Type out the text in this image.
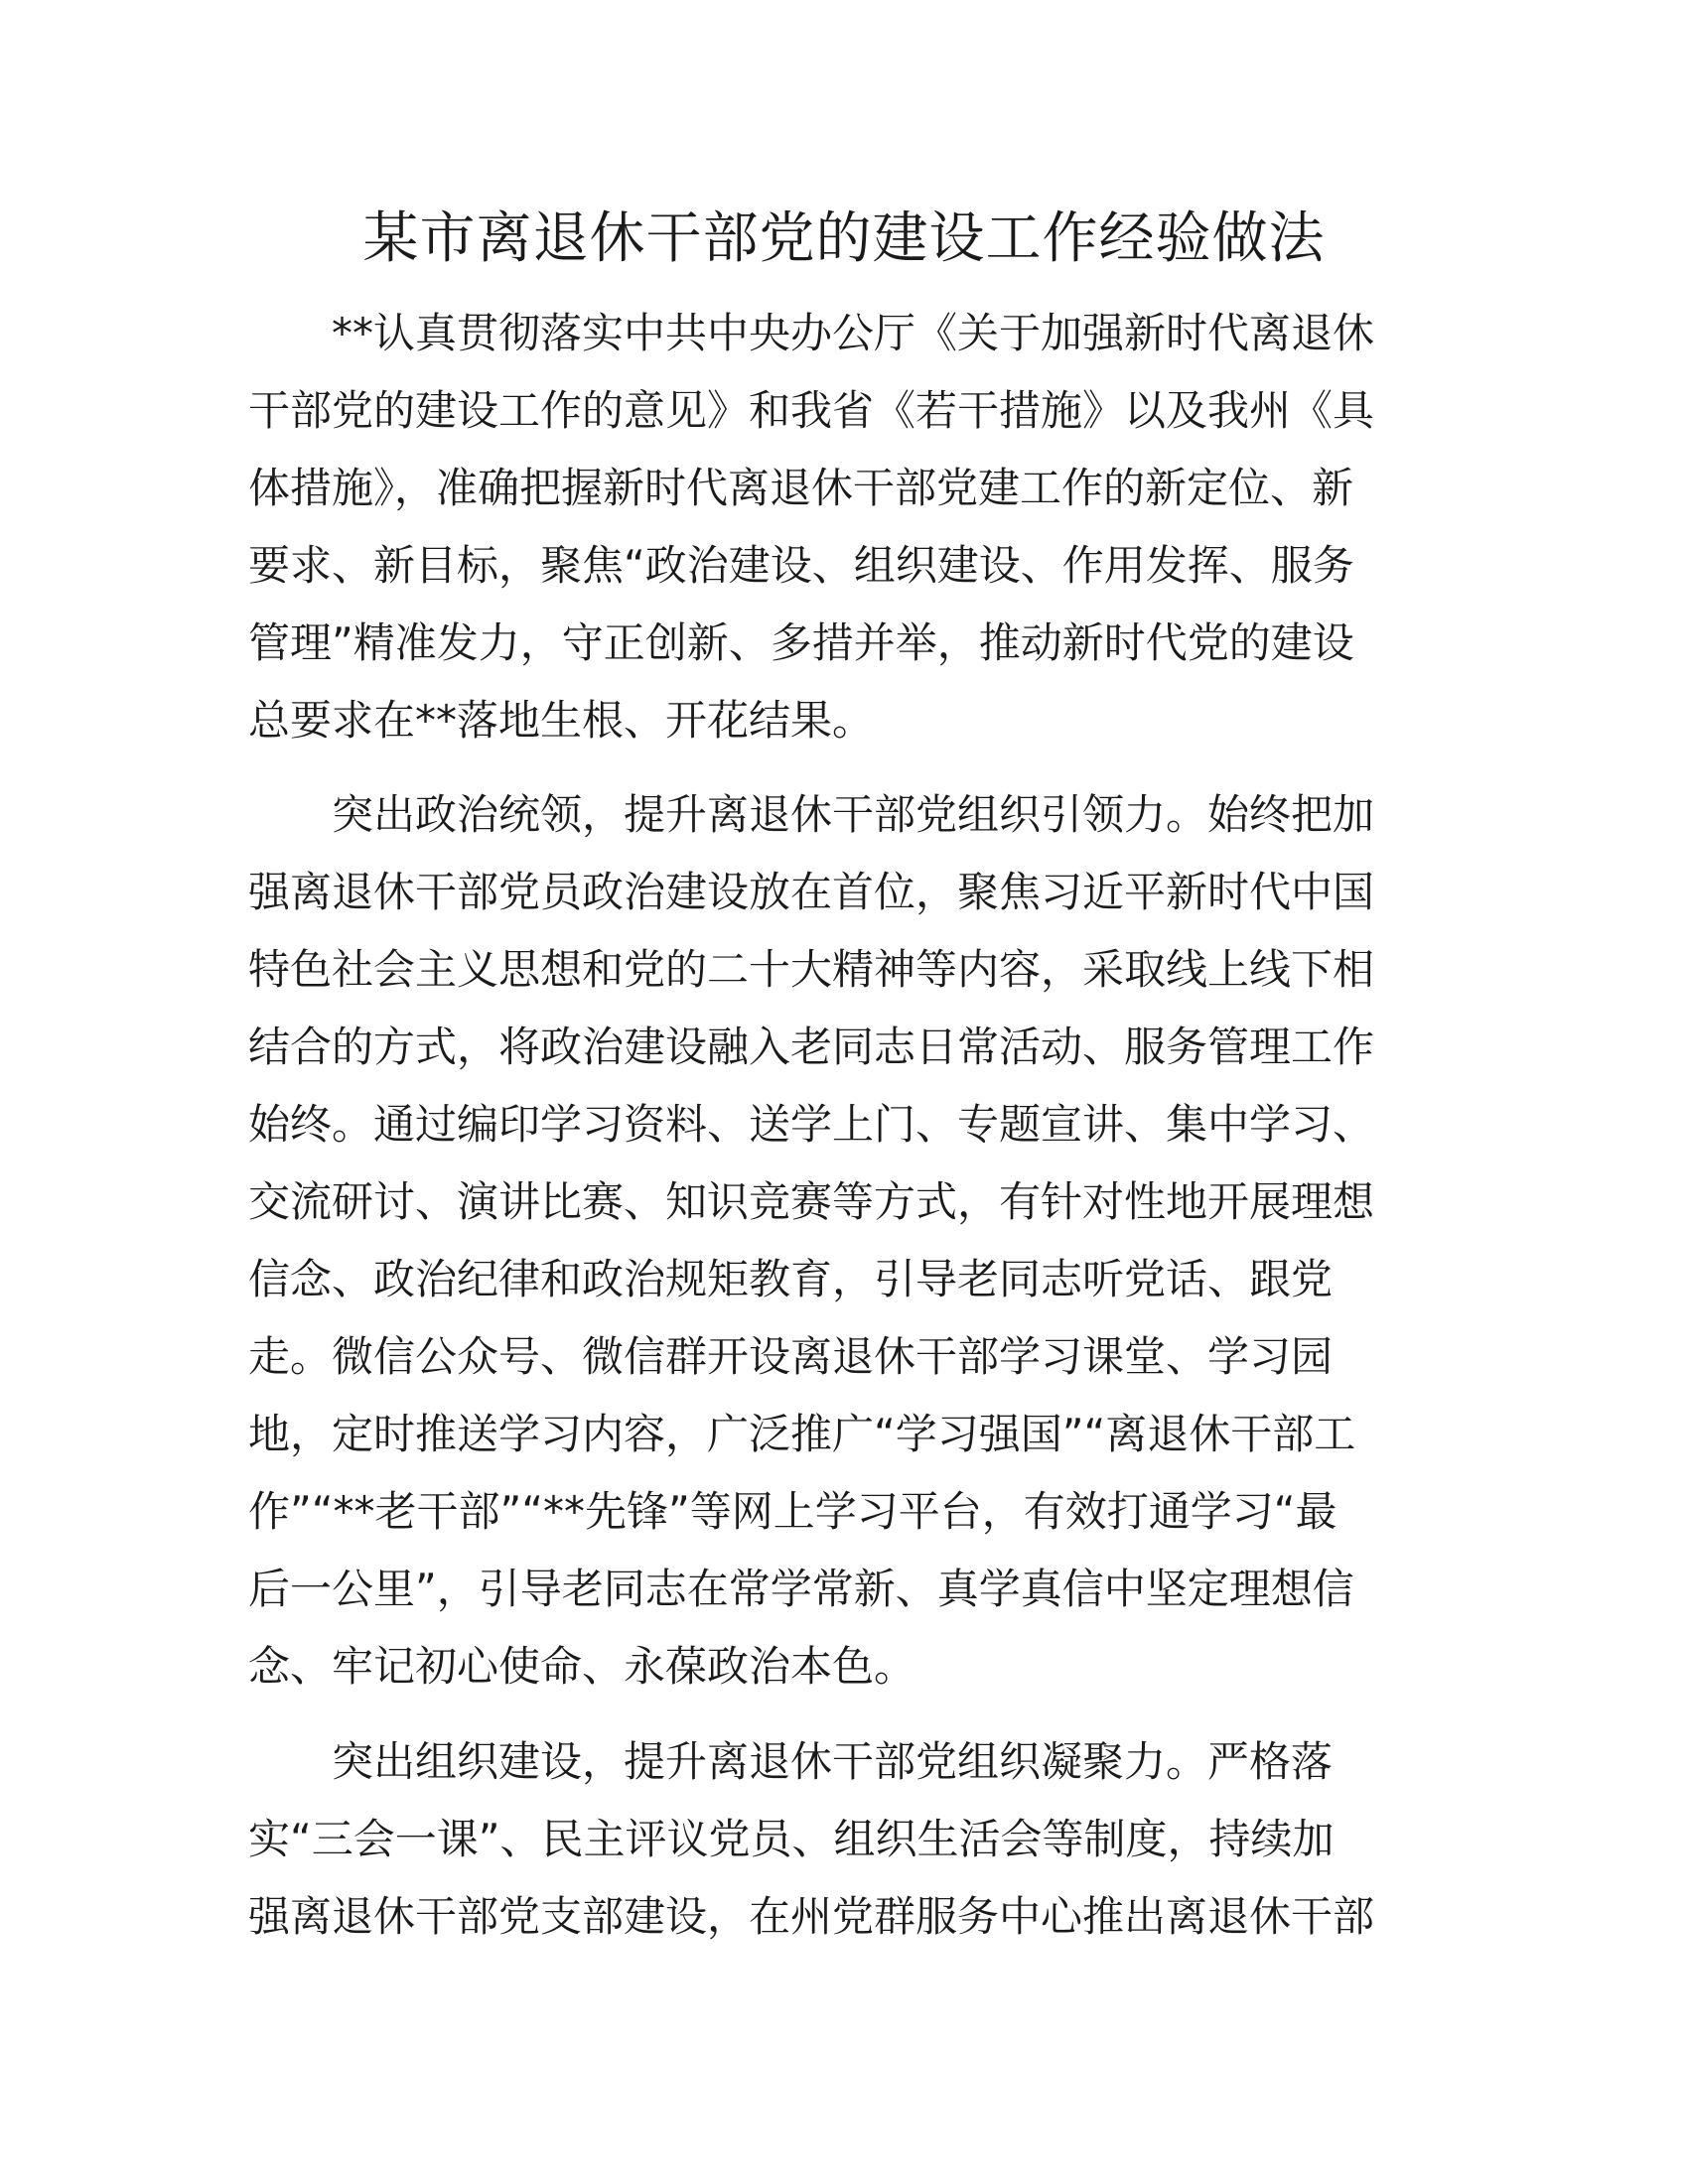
某市离退休干部党的建设工作经验做法
**认真贯彻落实中共中央办公厅《关于加强新时代离退休
干部党的建设工作的意见》和我省《若干措施》以及我州《具
体措施》，准确把握新时代离退休干部党建工作的新定位、新
要求、新目标，聚焦“政治建设、组织建设、作用发挥、服务
管理”精准发力，守正创新、多措并举，推动新时代党的建设
总要求在**落地生根、开花结果。
突出政治统领，提升离退休干部党组织引领力。始终把加
强离退休干部党员政治建设放在首位，聚焦习近平新时代中国
特色社会主义思想和党的二十大精神等内容，采取线上线下相
结合的方式，将政治建设融入老同志日常活动、服务管理工作
始终。通过编印学习资料、送学上门、专题宣讲、集中学习、
交流研讨、演讲比赛、知识竞赛等方式，有针对性地开展理想
信念、政治纪律和政治规矩教育，引导老同志听党话、跟党
走。微信公众号、微信群开设离退休干部学习课堂、学习园
地，定时推送学习内容，广泛推广“学习强国”“离退休干部工
作”“**老干部”“**先锋”等网上学习平台，有效打通学习“最
后一公里”，引导老同志在常学常新、真学真信中坚定理想信
念、牢记初心使命、永葆政治本色。
突出组织建设，提升离退休干部党组织凝聚力。严格落
实“三会一课”、民主评议党员、组织生活会等制度，持续加
强离退休干部党支部建设，在州党群服务中心推出离退休干部
